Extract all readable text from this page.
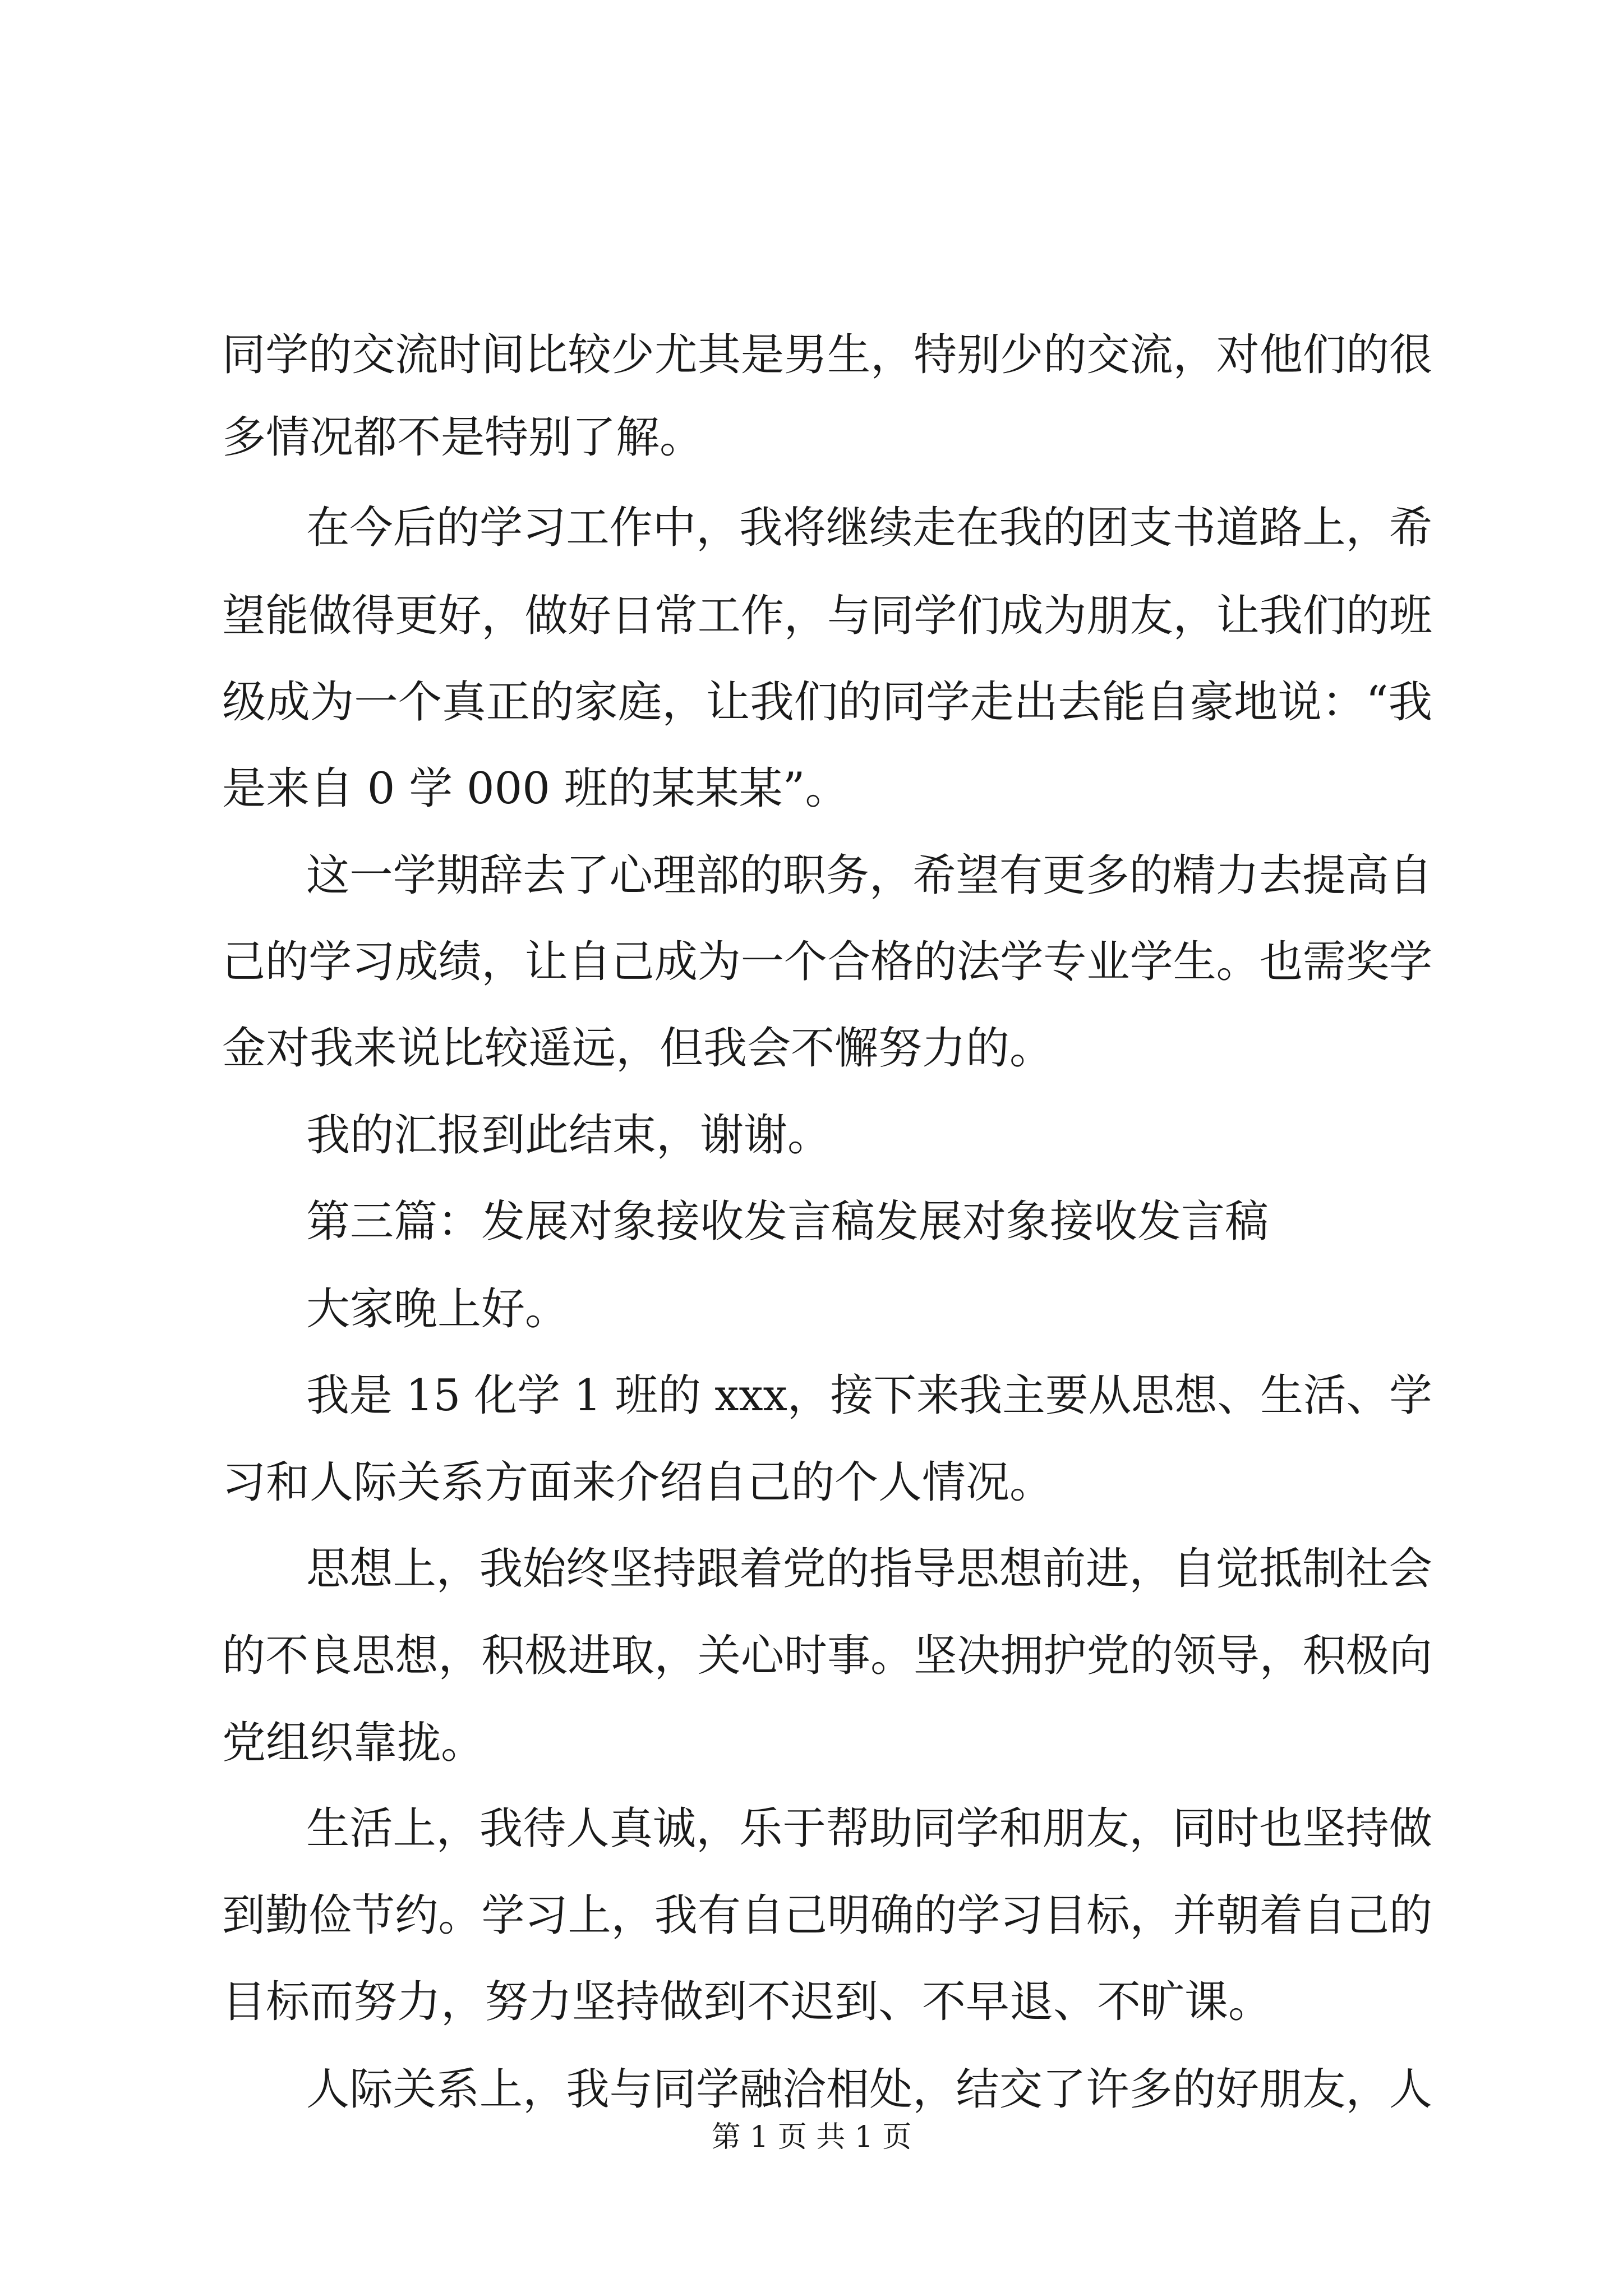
同学的交流时间比较少尤其是男生，特别少的交流，对他们的很
多情况都不是特别了解。
在今后的学习工作中，我将继续走在我的团支书道路上，希
望能做得更好，做好日常工作，与同学们成为朋友，让我们的班
级成为一个真正的家庭，让我们的同学走出去能自豪地说：“我
是来自 0 学 000 班的某某某”。
这一学期辞去了心理部的职务，希望有更多的精力去提高自
己的学习成绩，让自己成为一个合格的法学专业学生。也需奖学
金对我来说比较遥远，但我会不懈努力的。
我的汇报到此结束，谢谢。
第三篇：发展对象接收发言稿发展对象接收发言稿
大家晚上好。
我是 15 化学 1 班的 xxx，接下来我主要从思想、生活、学
习和人际关系方面来介绍自己的个人情况。
思想上，我始终坚持跟着党的指导思想前进，自觉抵制社会
的不良思想，积极进取，关心时事。坚决拥护党的领导，积极向
党组织靠拢。
生活上，我待人真诚，乐于帮助同学和朋友，同时也坚持做
到勤俭节约。学习上，我有自己明确的学习目标，并朝着自己的
目标而努力，努力坚持做到不迟到、不早退、不旷课。
人际关系上，我与同学融洽相处，结交了许多的好朋友，人
第 1 页 共 1 页
